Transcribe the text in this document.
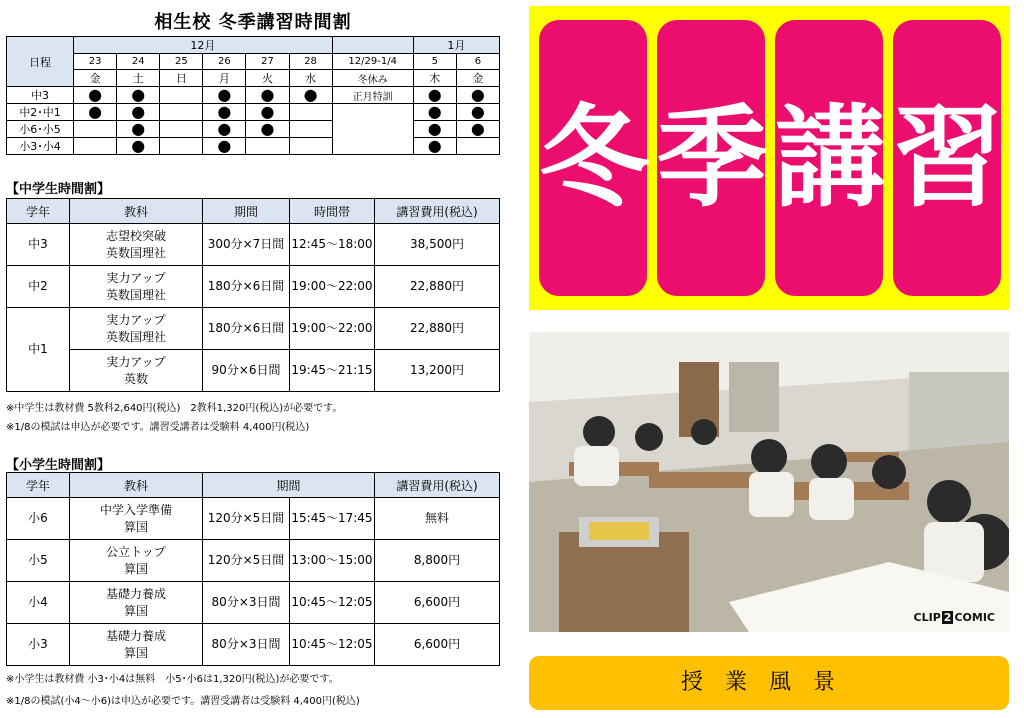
相生校 冬季講習時間割
日程	12月							1月	
	23	24	25	26	27	28	12/29-1/4	5	6
	金	土	日	月	火	水	冬休み	木	金
中3	●	●		●	●	●	正月特訓	●	●
中2･中1	●	●		●	●			●	●
小6･小5		●		●	●			●	●
小3･小4		●		●				●	
【中学生時間割】
学年	教科	期間	時間帯	講習費用(税込)
中3	志望校突破
英数国理社	300分×7日間	12:45～18:00	38,500円
中2	実力アップ
英数国理社	180分×6日間	19:00～22:00	22,880円
中1	実力アップ
英数国理社	180分×6日間	19:00～22:00	22,880円

	実力アップ
英数	90分×6日間	19:45～21:15	13,200円
※中学生は教材費 5教科2,640円(税込)　2教科1,320円(税込)が必要です。
※1/8の模試は申込が必要です。講習受講者は受験料 4,400円(税込)
【小学生時間割】
学年	教科	期間		講習費用(税込)
小6	中学入学準備
算国	120分×5日間	15:45～17:45	無料
小5	公立トップ
算国	120分×5日間	13:00～15:00	8,800円
小4	基礎力養成
算国	80分×3日間	10:45～12:05	6,600円
小3	基礎力養成
算国	80分×3日間	10:45～12:05	6,600円
※小学生は教材費 小3･小4は無料　小5･小6は1,320円(税込)が必要です。
※1/8の模試(小4～小6)は申込が必要です。講習受講者は受験料 4,400円(税込)
冬 季 講 習
CLIP 2 COMIC
授業風景
